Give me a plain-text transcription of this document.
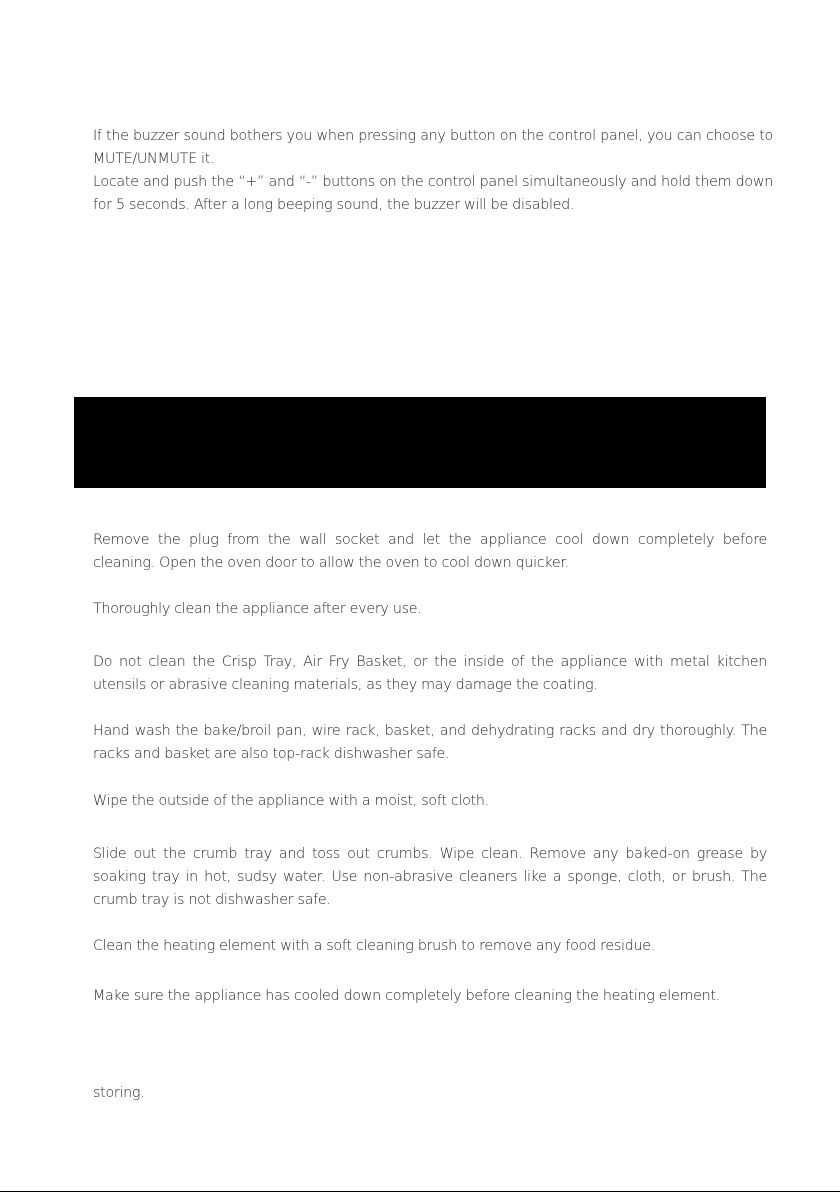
If the buzzer sound bothers you when pressing any button on the control panel, you can choose to MUTE/UNMUTE it.

Locate and push the “+” and “-” buttons on the control panel simultaneously and hold them down for 5 seconds. After a long beeping sound, the buzzer will be disabled.

Remove the plug from the wall socket and let the appliance cool down completely before cleaning. Open the oven door to allow the oven to cool down quicker.

Thoroughly clean the appliance after every use.

Do not clean the Crisp Tray, Air Fry Basket, or the inside of the appliance with metal kitchen utensils or abrasive cleaning materials, as they may damage the coating.

Hand wash the bake/broil pan, wire rack, basket, and dehydrating racks and dry thoroughly. The racks and basket are also top-rack dishwasher safe.

Wipe the outside of the appliance with a moist, soft cloth.

Slide out the crumb tray and toss out crumbs. Wipe clean. Remove any baked-on grease by soaking tray in hot, sudsy water. Use non-abrasive cleaners like a sponge, cloth, or brush. The crumb tray is not dishwasher safe.

Clean the heating element with a soft cleaning brush to remove any food residue.

Make sure the appliance has cooled down completely before cleaning the heating element.

storing.
